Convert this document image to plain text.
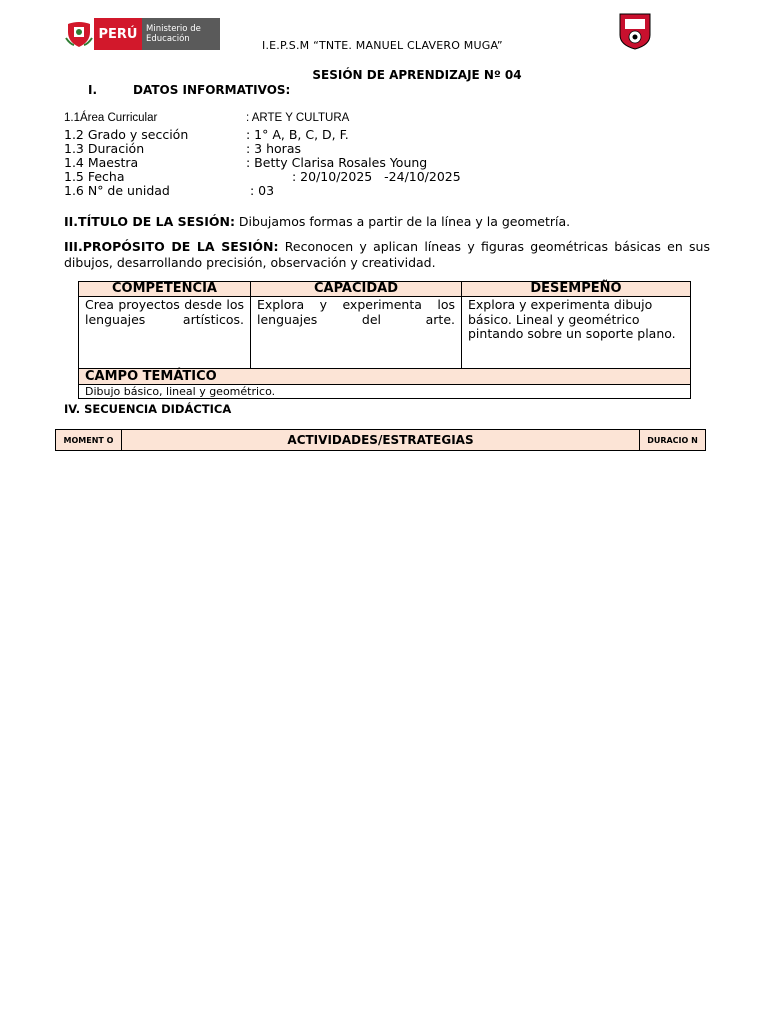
PERÚ	Ministerio de Educación	I.E.P.S.M “TNTE. MANUEL CLAVERO MUGA”
SESIÓN DE APRENDIZAJE Nº 04
I.	DATOS INFORMATIVOS:
1.1Área Curricular	: ARTE Y CULTURA
1.2 Grado y sección	: 1° A, B, C, D, F.
1.3 Duración	: 3 horas
1.4 Maestra	: Betty Clarisa Rosales Young
1.5 Fecha	: 20/10/2025   -24/10/2025
1.6 N° de unidad	: 03
II.TÍTULO DE LA SESIÓN: Dibujamos formas a partir de la línea y la geometría.
III.PROPÓSITO DE LA SESIÓN: Reconocen y aplican líneas y figuras geométricas básicas en sus dibujos, desarrollando precisión, observación y creatividad.
COMPETENCIA	CAPACIDAD	DESEMPEÑO

Crea proyectos desde los lenguajes artísticos.	Explora y experimenta los lenguajes del arte.	Explora y experimenta dibujo básico. Lineal y geométrico pintando sobre un soporte plano.

CAMPO TEMÁTICO		
Dibujo básico, lineal y geométrico.		
IV. SECUENCIA DIDÁCTICA
MOMENT O	ACTIVIDADES/ESTRATEGIAS	DURACIO N
